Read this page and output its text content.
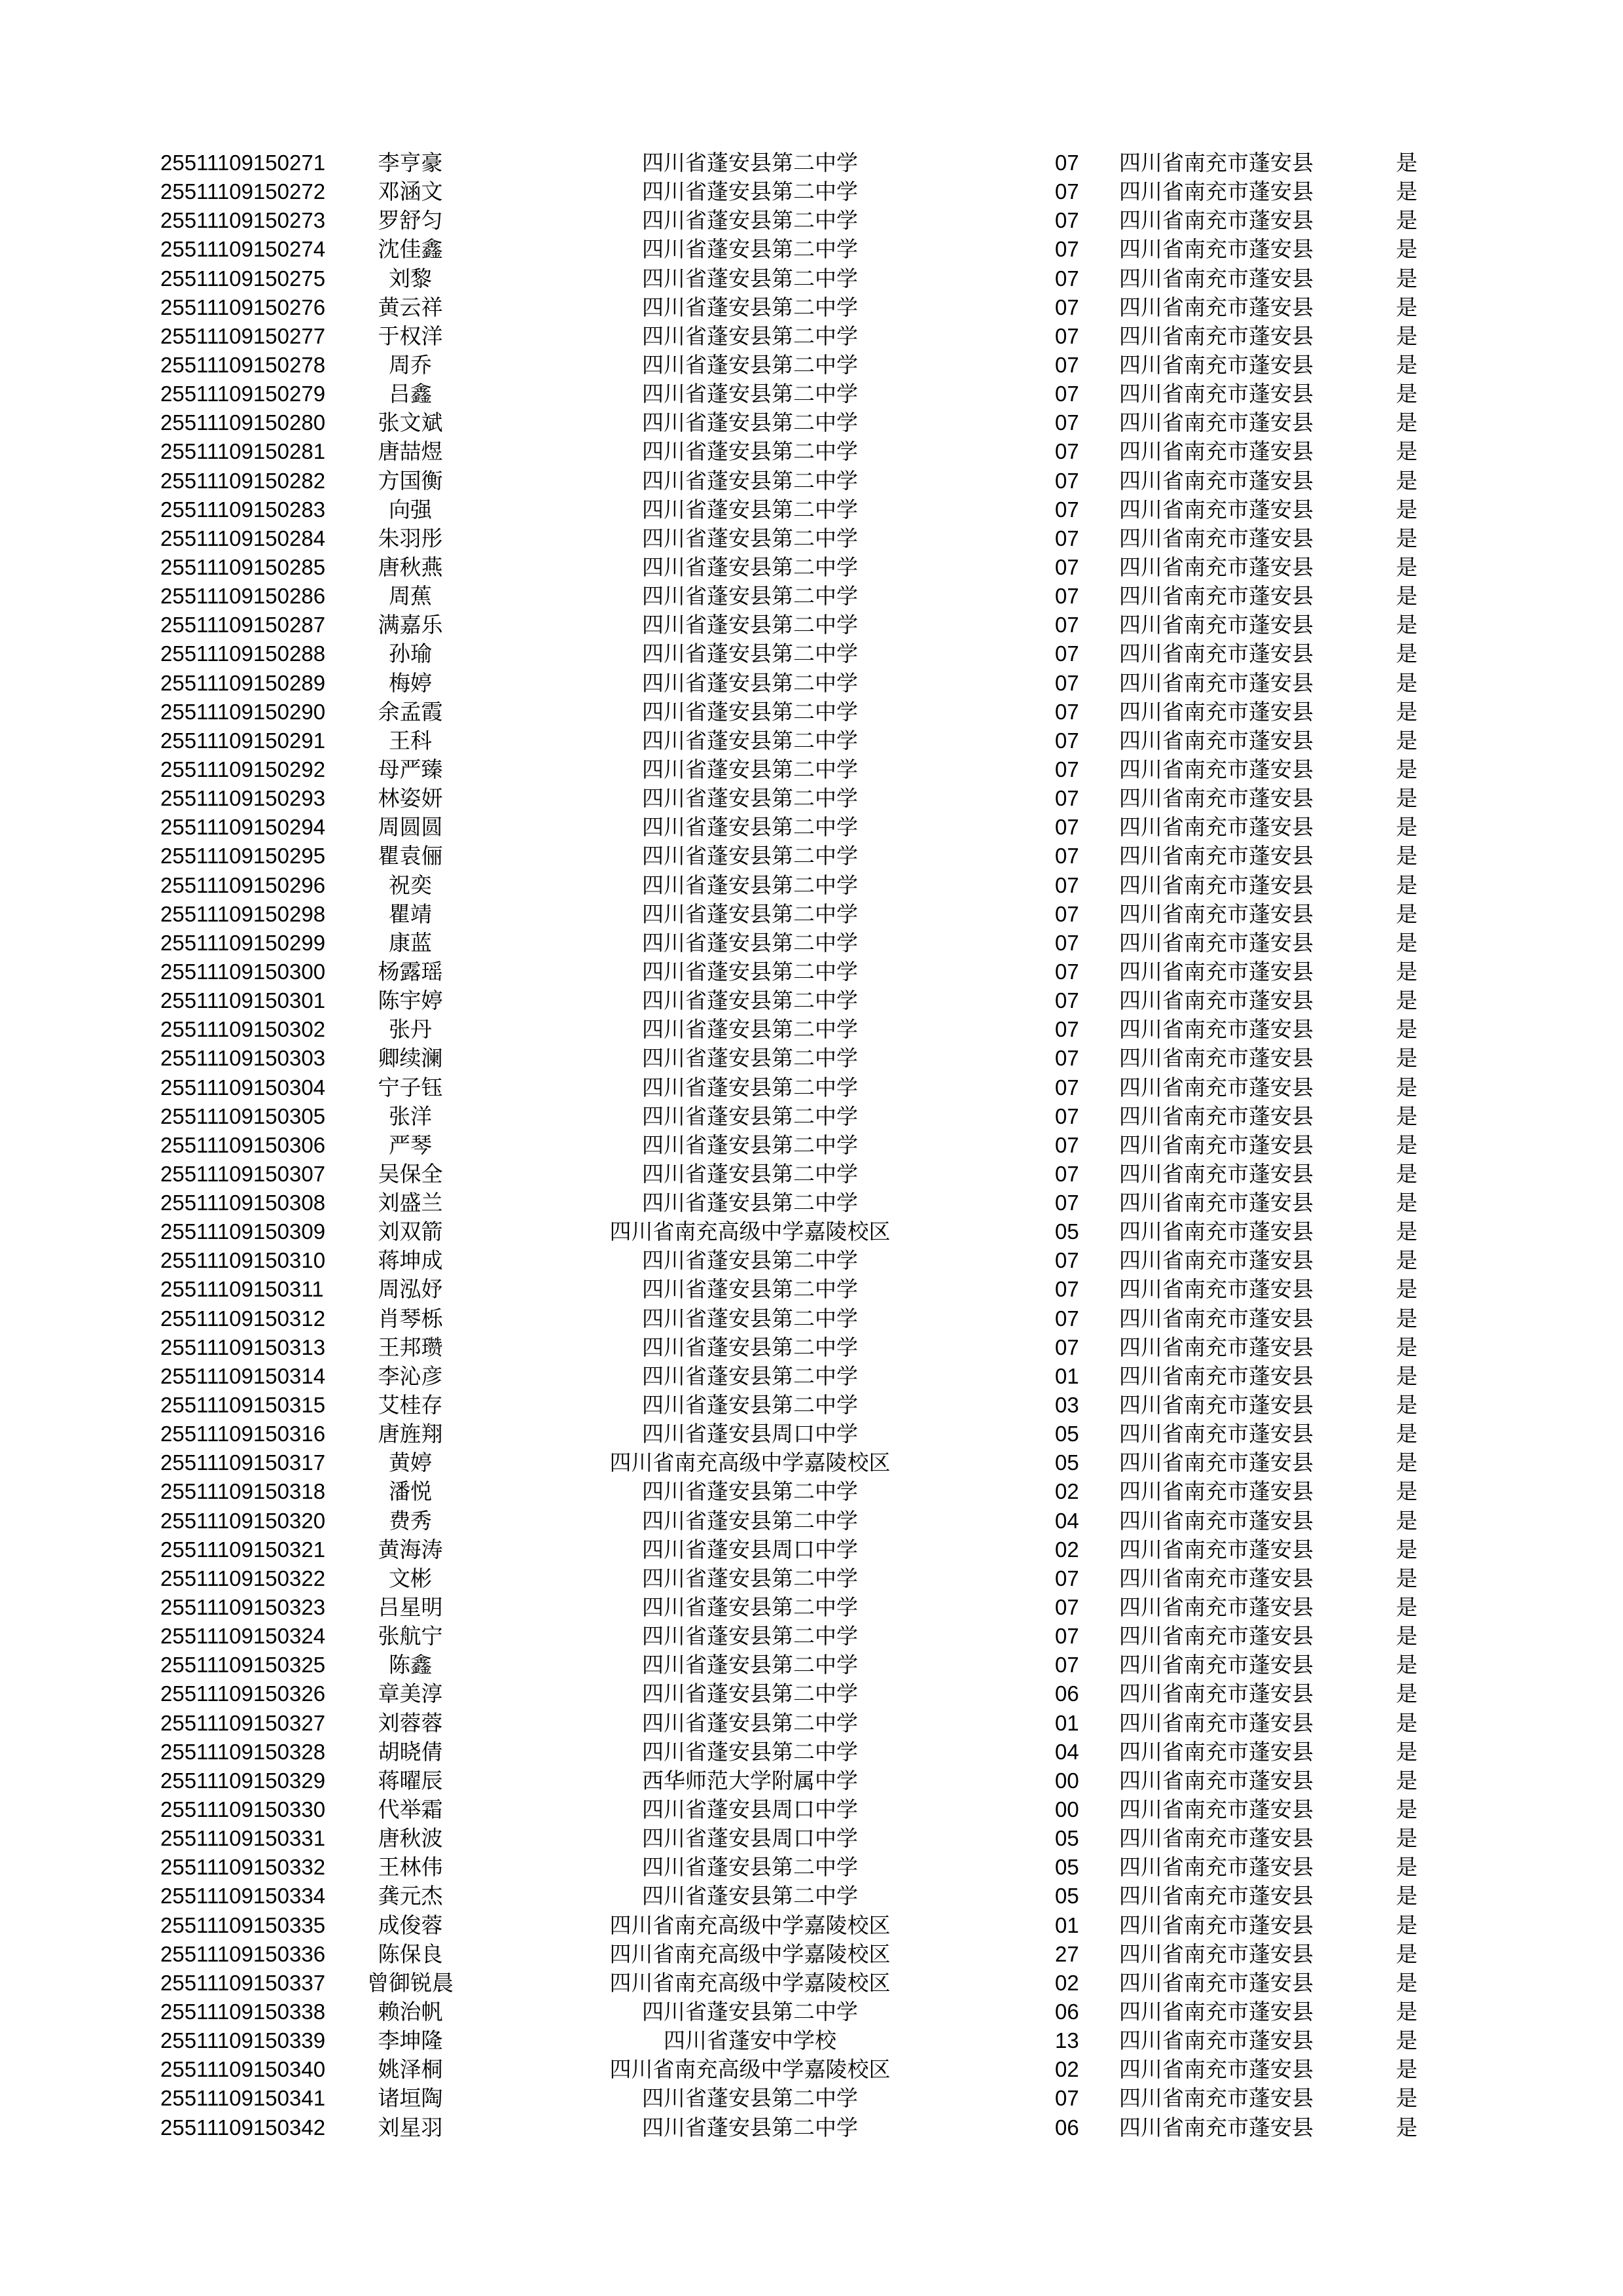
25511109150271 李亨豪	四川省蓬安县第二中学	07 四川省南充市蓬安县	是
25511109150272 邓涵文	四川省蓬安县第二中学	07 四川省南充市蓬安县	是
25511109150273 罗舒匀	四川省蓬安县第二中学	07 四川省南充市蓬安县	是
25511109150274 沈佳鑫	四川省蓬安县第二中学	07 四川省南充市蓬安县	是
25511109150275	刘黎	四川省蓬安县第二中学	07 四川省南充市蓬安县	是
25511109150276 黄云祥	四川省蓬安县第二中学	07 四川省南充市蓬安县	是
25511109150277 于权洋	四川省蓬安县第二中学	07 四川省南充市蓬安县	是
25511109150278	周乔	四川省蓬安县第二中学	07 四川省南充市蓬安县	是
25511109150279	吕鑫	四川省蓬安县第二中学	07 四川省南充市蓬安县	是
25511109150280 张文斌	四川省蓬安县第二中学	07 四川省南充市蓬安县	是
25511109150281 唐喆煜	四川省蓬安县第二中学	07 四川省南充市蓬安县	是
25511109150282 方国衡	四川省蓬安县第二中学	07 四川省南充市蓬安县	是
25511109150283	向强	四川省蓬安县第二中学	07 四川省南充市蓬安县	是
25511109150284 朱羽彤	四川省蓬安县第二中学	07 四川省南充市蓬安县	是
25511109150285 唐秋燕	四川省蓬安县第二中学	07 四川省南充市蓬安县	是
25511109150286	周蕉	四川省蓬安县第二中学	07 四川省南充市蓬安县	是
25511109150287 满嘉乐	四川省蓬安县第二中学	07 四川省南充市蓬安县	是
25511109150288	孙瑜	四川省蓬安县第二中学	07 四川省南充市蓬安县	是
25511109150289	梅婷	四川省蓬安县第二中学	07 四川省南充市蓬安县	是
25511109150290 余孟霞	四川省蓬安县第二中学	07 四川省南充市蓬安县	是
25511109150291	王科	四川省蓬安县第二中学	07 四川省南充市蓬安县	是
25511109150292 母严臻	四川省蓬安县第二中学	07 四川省南充市蓬安县	是
25511109150293 林姿妍	四川省蓬安县第二中学	07 四川省南充市蓬安县	是
25511109150294 周圆圆	四川省蓬安县第二中学	07 四川省南充市蓬安县	是
25511109150295 瞿袁俪	四川省蓬安县第二中学	07 四川省南充市蓬安县	是
25511109150296	祝奕	四川省蓬安县第二中学	07 四川省南充市蓬安县	是
25511109150298	瞿靖	四川省蓬安县第二中学	07 四川省南充市蓬安县	是
25511109150299	康蓝	四川省蓬安县第二中学	07 四川省南充市蓬安县	是
25511109150300 杨露瑶	四川省蓬安县第二中学	07 四川省南充市蓬安县	是
25511109150301 陈宇婷	四川省蓬安县第二中学	07 四川省南充市蓬安县	是
25511109150302	张丹	四川省蓬安县第二中学	07 四川省南充市蓬安县	是
25511109150303 卿续澜	四川省蓬安县第二中学	07 四川省南充市蓬安县	是
25511109150304 宁子钰	四川省蓬安县第二中学	07 四川省南充市蓬安县	是
25511109150305	张洋	四川省蓬安县第二中学	07 四川省南充市蓬安县	是
25511109150306	严琴	四川省蓬安县第二中学	07 四川省南充市蓬安县	是
25511109150307 吴保全	四川省蓬安县第二中学	07 四川省南充市蓬安县	是
25511109150308 刘盛兰	四川省蓬安县第二中学	07 四川省南充市蓬安县	是
25511109150309 刘双箭	四川省南充高级中学嘉陵校区	05 四川省南充市蓬安县	是
25511109150310 蒋坤成	四川省蓬安县第二中学	07 四川省南充市蓬安县	是
25511109150311	周泓妤	四川省蓬安县第二中学	07 四川省南充市蓬安县	是
25511109150312 肖琴栎	四川省蓬安县第二中学	07 四川省南充市蓬安县	是
25511109150313 王邦瓒	四川省蓬安县第二中学	07 四川省南充市蓬安县	是
25511109150314 李沁彦	四川省蓬安县第二中学	01 四川省南充市蓬安县	是
25511109150315 艾桂存	四川省蓬安县第二中学	03 四川省南充市蓬安县	是
25511109150316 唐旌翔	四川省蓬安县周口中学	05 四川省南充市蓬安县	是
25511109150317	黄婷	四川省南充高级中学嘉陵校区	05 四川省南充市蓬安县	是
25511109150318	潘悦	四川省蓬安县第二中学	02 四川省南充市蓬安县	是
25511109150320	费秀	四川省蓬安县第二中学	04 四川省南充市蓬安县	是
25511109150321 黄海涛	四川省蓬安县周口中学	02 四川省南充市蓬安县	是
25511109150322	文彬	四川省蓬安县第二中学	07 四川省南充市蓬安县	是
25511109150323 吕星明	四川省蓬安县第二中学	07 四川省南充市蓬安县	是
25511109150324 张航宁	四川省蓬安县第二中学	07 四川省南充市蓬安县	是
25511109150325	陈鑫	四川省蓬安县第二中学	07 四川省南充市蓬安县	是
25511109150326 章美淳	四川省蓬安县第二中学	06 四川省南充市蓬安县	是
25511109150327 刘蓉蓉	四川省蓬安县第二中学	01 四川省南充市蓬安县	是
25511109150328 胡晓倩	四川省蓬安县第二中学	04 四川省南充市蓬安县	是
25511109150329 蒋曜辰	西华师范大学附属中学	00 四川省南充市蓬安县	是
25511109150330 代举霜	四川省蓬安县周口中学	00 四川省南充市蓬安县	是
25511109150331 唐秋波	四川省蓬安县周口中学	05 四川省南充市蓬安县	是
25511109150332 王林伟	四川省蓬安县第二中学	05 四川省南充市蓬安县	是
25511109150334 龚元杰	四川省蓬安县第二中学	05 四川省南充市蓬安县	是
25511109150335 成俊蓉	四川省南充高级中学嘉陵校区	01 四川省南充市蓬安县	是
25511109150336 陈保良	四川省南充高级中学嘉陵校区	27 四川省南充市蓬安县	是
25511109150337 曾御锐晨	四川省南充高级中学嘉陵校区	02 四川省南充市蓬安县	是
25511109150338 赖治帆	四川省蓬安县第二中学	06 四川省南充市蓬安县	是
25511109150339 李坤隆	四川省蓬安中学校	13 四川省南充市蓬安县	是
25511109150340 姚泽桐	四川省南充高级中学嘉陵校区	02 四川省南充市蓬安县	是
25511109150341 诸垣陶	四川省蓬安县第二中学	07 四川省南充市蓬安县	是
25511109150342 刘星羽	四川省蓬安县第二中学	06 四川省南充市蓬安县	是
